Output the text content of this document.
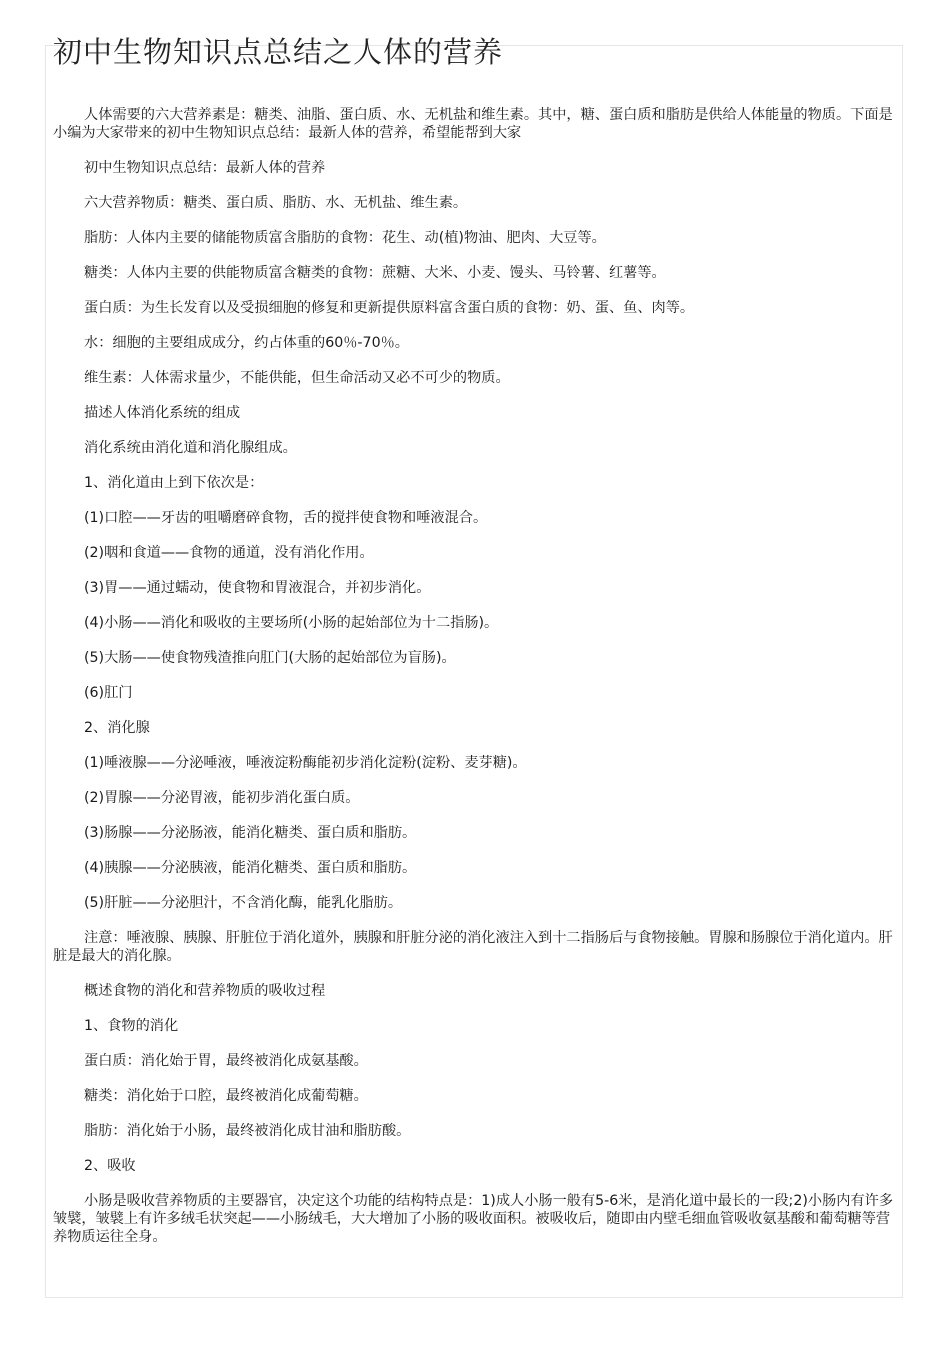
初中生物知识点总结之人体的营养

人体需要的六大营养素是：糖类、油脂、蛋白质、水、无机盐和维生素。其中，糖、蛋白质和脂肪是供给人体能量的物质。下面是小编为大家带来的初中生物知识点总结：最新人体的营养，希望能帮到大家

初中生物知识点总结：最新人体的营养

六大营养物质：糖类、蛋白质、脂肪、水、无机盐、维生素。

脂肪：人体内主要的储能物质富含脂肪的食物：花生、动(植)物油、肥肉、大豆等。

糖类：人体内主要的供能物质富含糖类的食物：蔗糖、大米、小麦、馒头、马铃薯、红薯等。

蛋白质：为生长发育以及受损细胞的修复和更新提供原料富含蛋白质的食物：奶、蛋、鱼、肉等。

水：细胞的主要组成成分，约占体重的60％-70％。

维生素：人体需求量少，不能供能，但生命活动又必不可少的物质。

描述人体消化系统的组成

消化系统由消化道和消化腺组成。

1、消化道由上到下依次是：

(1)口腔——牙齿的咀嚼磨碎食物，舌的搅拌使食物和唾液混合。

(2)咽和食道——食物的通道，没有消化作用。

(3)胃——通过蠕动，使食物和胃液混合，并初步消化。

(4)小肠——消化和吸收的主要场所(小肠的起始部位为十二指肠)。

(5)大肠——使食物残渣推向肛门(大肠的起始部位为盲肠)。

(6)肛门

2、消化腺

(1)唾液腺——分泌唾液，唾液淀粉酶能初步消化淀粉(淀粉、麦芽糖)。

(2)胃腺——分泌胃液，能初步消化蛋白质。

(3)肠腺——分泌肠液，能消化糖类、蛋白质和脂肪。

(4)胰腺——分泌胰液，能消化糖类、蛋白质和脂肪。

(5)肝脏——分泌胆汁，不含消化酶，能乳化脂肪。

注意：唾液腺、胰腺、肝脏位于消化道外，胰腺和肝脏分泌的消化液注入到十二指肠后与食物接触。胃腺和肠腺位于消化道内。肝脏是最大的消化腺。

概述食物的消化和营养物质的吸收过程

1、食物的消化

蛋白质：消化始于胃，最终被消化成氨基酸。

糖类：消化始于口腔，最终被消化成葡萄糖。

脂肪：消化始于小肠，最终被消化成甘油和脂肪酸。

2、吸收

小肠是吸收营养物质的主要器官，决定这个功能的结构特点是：1)成人小肠一般有5-6米，是消化道中最长的一段;2)小肠内有许多皱襞，皱襞上有许多绒毛状突起——小肠绒毛，大大增加了小肠的吸收面积。被吸收后，随即由内壁毛细血管吸收氨基酸和葡萄糖等营养物质运往全身。
